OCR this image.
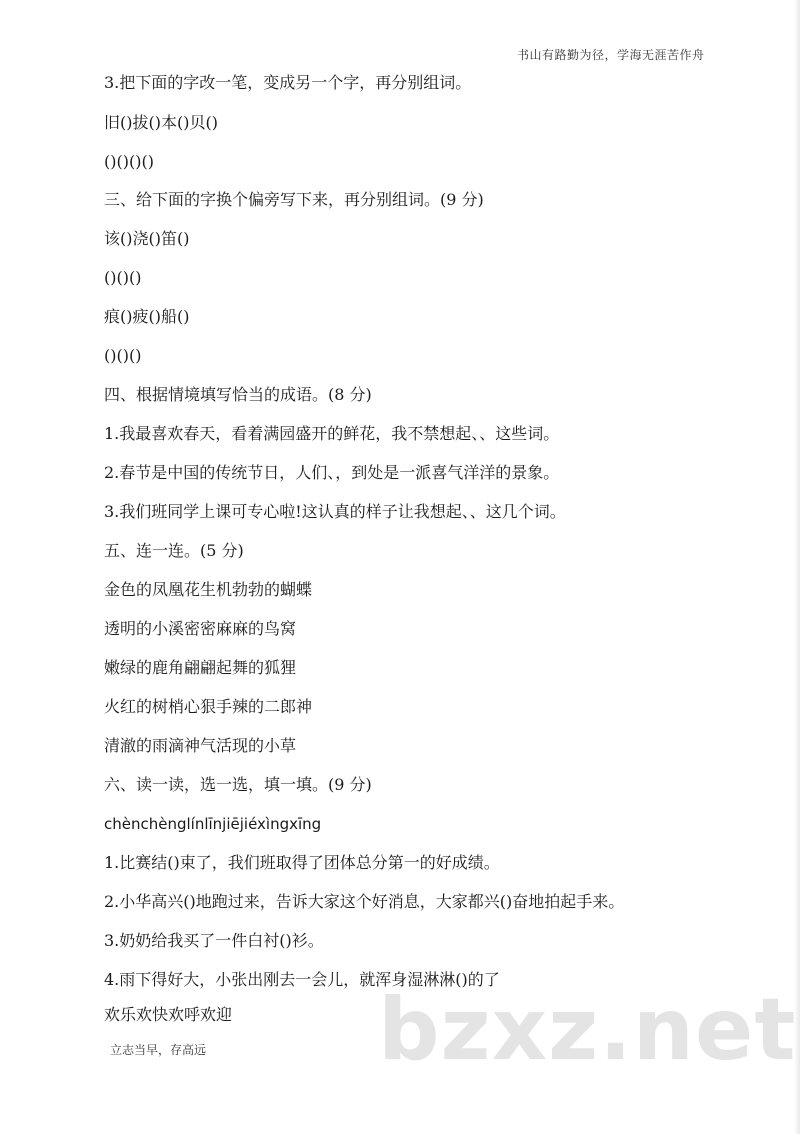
书山有路勤为径，学海无涯苦作舟
3.把下面的字改一笔，变成另一个字，再分别组词。
旧()拔()本()贝()
()()()()
三、给下面的字换个偏旁写下来，再分别组词。(9 分)
该()浇()笛()
()()()
痕()疲()船()
()()()
四、根据情境填写恰当的成语。(8 分)
1.我最喜欢春天，看着满园盛开的鲜花，我不禁想起、、这些词。
2.春节是中国的传统节日，人们、，到处是一派喜气洋洋的景象。
3.我们班同学上课可专心啦!这认真的样子让我想起、、这几个词。
五、连一连。(5 分)
金色的凤凰花生机勃勃的蝴蝶
透明的小溪密密麻麻的鸟窝
嫩绿的鹿角翩翩起舞的狐狸
火红的树梢心狠手辣的二郎神
清澈的雨滴神气活现的小草
六、读一读，选一选，填一填。(9 分)
chènchènglínlīnjiējiéxìngxīng
1.比赛结()束了，我们班取得了团体总分第一的好成绩。
2.小华高兴()地跑过来，告诉大家这个好消息，大家都兴()奋地拍起手来。
3.奶奶给我买了一件白衬()衫。
4.雨下得好大，小张出刚去一会儿，就浑身湿淋淋()的了
欢乐欢快欢呼欢迎
立志当早，存高远 bzxz.net
